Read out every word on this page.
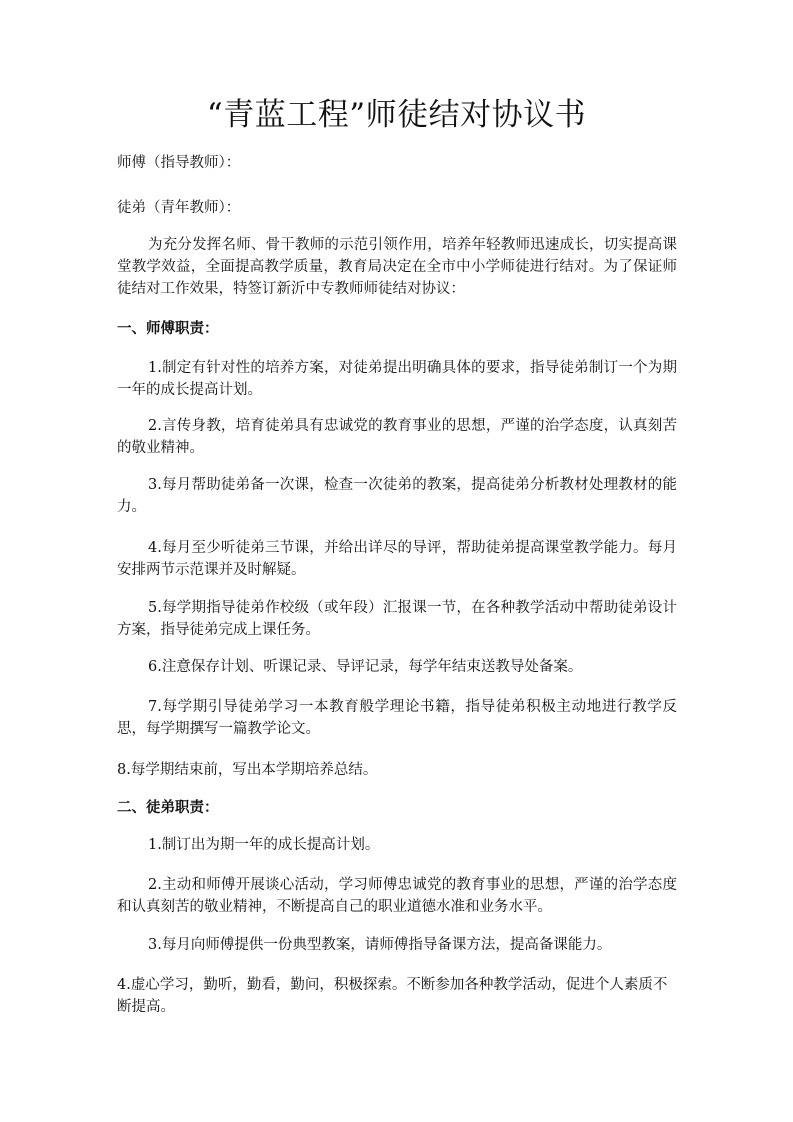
“青蓝工程”师徒结对协议书

师傅（指导教师）：

徒弟（青年教师）：

为充分发挥名师、骨干教师的示范引领作用，培养年轻教师迅速成长，切实提高课堂教学效益，全面提高教学质量，教育局决定在全市中小学师徒进行结对。为了保证师徒结对工作效果，特签订新沂中专教师师徒结对协议：

一、师傅职责：

1.制定有针对性的培养方案，对徒弟提出明确具体的要求，指导徒弟制订一个为期一年的成长提高计划。

2.言传身教，培育徒弟具有忠诚党的教育事业的思想，严谨的治学态度，认真刻苦的敬业精神。

3.每月帮助徒弟备一次课，检查一次徒弟的教案，提高徒弟分析教材处理教材的能力。

4.每月至少听徒弟三节课，并给出详尽的导评，帮助徒弟提高课堂教学能力。每月安排两节示范课并及时解疑。

5.每学期指导徒弟作校级（或年段）汇报课一节，在各种教学活动中帮助徒弟设计方案，指导徒弟完成上课任务。

6.注意保存计划、听课记录、导评记录，每学年结束送教导处备案。

7.每学期引导徒弟学习一本教育般学理论书籍，指导徒弟积极主动地进行教学反思，每学期撰写一篇教学论文。

8.每学期结束前，写出本学期培养总结。

二、徒弟职责：

1.制订出为期一年的成长提高计划。

2.主动和师傅开展谈心活动，学习师傅忠诚党的教育事业的思想，严谨的治学态度和认真刻苦的敬业精神，不断提高自己的职业道德水准和业务水平。

3.每月向师傅提供一份典型教案，请师傅指导备课方法，提高备课能力。

4.虚心学习，勤听，勤看，勤问，积极探索。不断参加各种教学活动，促进个人素质不断提高。
